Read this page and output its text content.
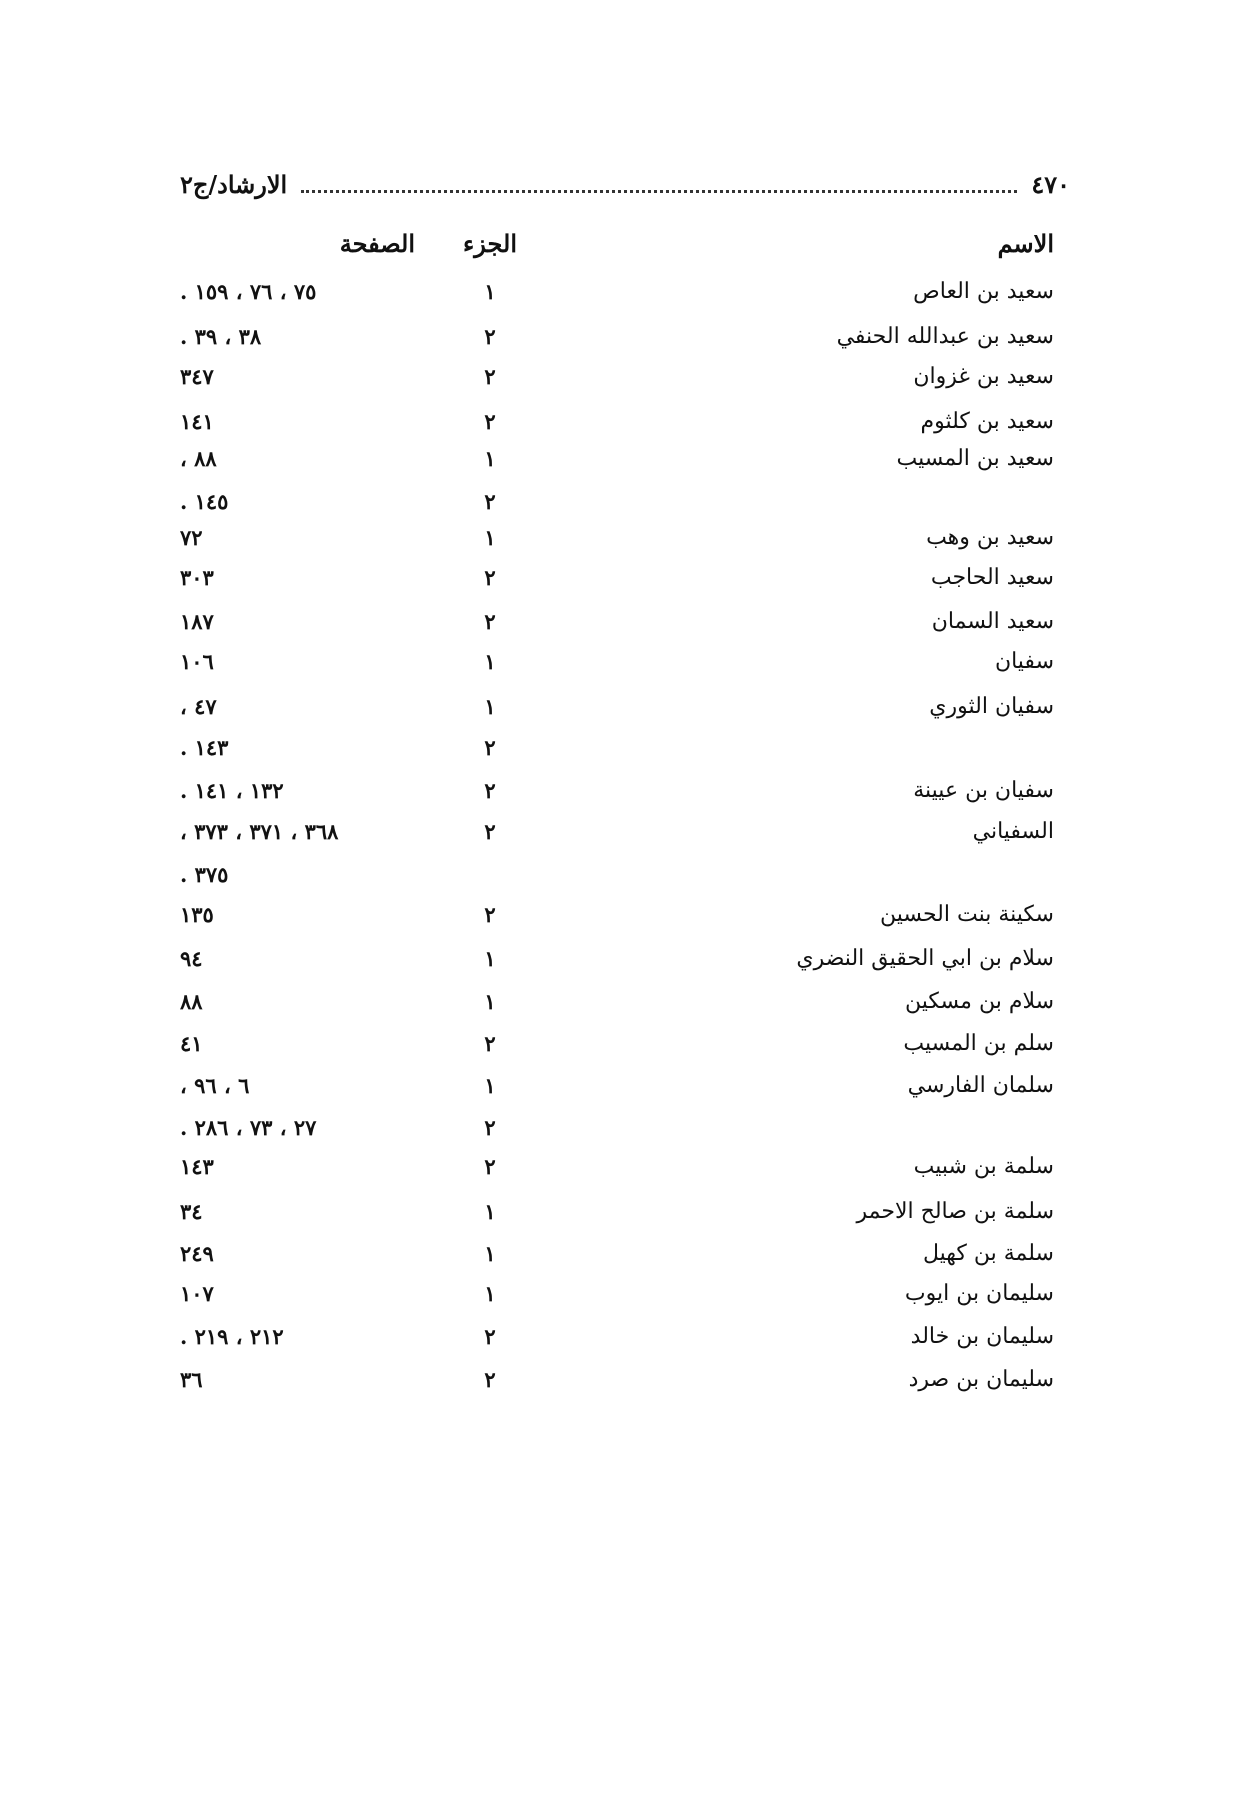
٤٧٠
الارشاد/ج٢
الاسم
الجزء
الصفحة
سعيد بن العاص
١
٧٥ ، ٧٦ ، ١٥٩ .
سعيد بن عبدالله الحنفي
٢
٣٨ ، ٣٩ .
سعيد بن غزوان
٢
٣٤٧
سعيد بن كلثوم
٢
١٤١
سعيد بن المسيب
١
٨٨ ،
٢
١٤٥ .
سعيد بن وهب
١
٧٢
سعيد الحاجب
٢
٣٠٣
سعيد السمان
٢
١٨٧
سفيان
١
١٠٦
سفيان الثوري
١
٤٧ ،
٢
١٤٣ .
سفيان بن عيينة
٢
١٣٢ ، ١٤١ .
السفياني
٢
٣٦٨ ، ٣٧١ ، ٣٧٣ ،
٣٧٥ .
سكينة بنت الحسين
٢
١٣٥
سلام بن ابي الحقيق النضري
١
٩٤
سلام بن مسكين
١
٨٨
سلم بن المسيب
٢
٤١
سلمان الفارسي
١
٦ ، ٩٦ ،
٢
٢٧ ، ٧٣ ، ٢٨٦ .
سلمة بن شبيب
٢
١٤٣
سلمة بن صالح الاحمر
١
٣٤
سلمة بن كهيل
١
٢٤٩
سليمان بن ايوب
١
١٠٧
سليمان بن خالد
٢
٢١٢ ، ٢١٩ .
سليمان بن صرد
٢
٣٦
